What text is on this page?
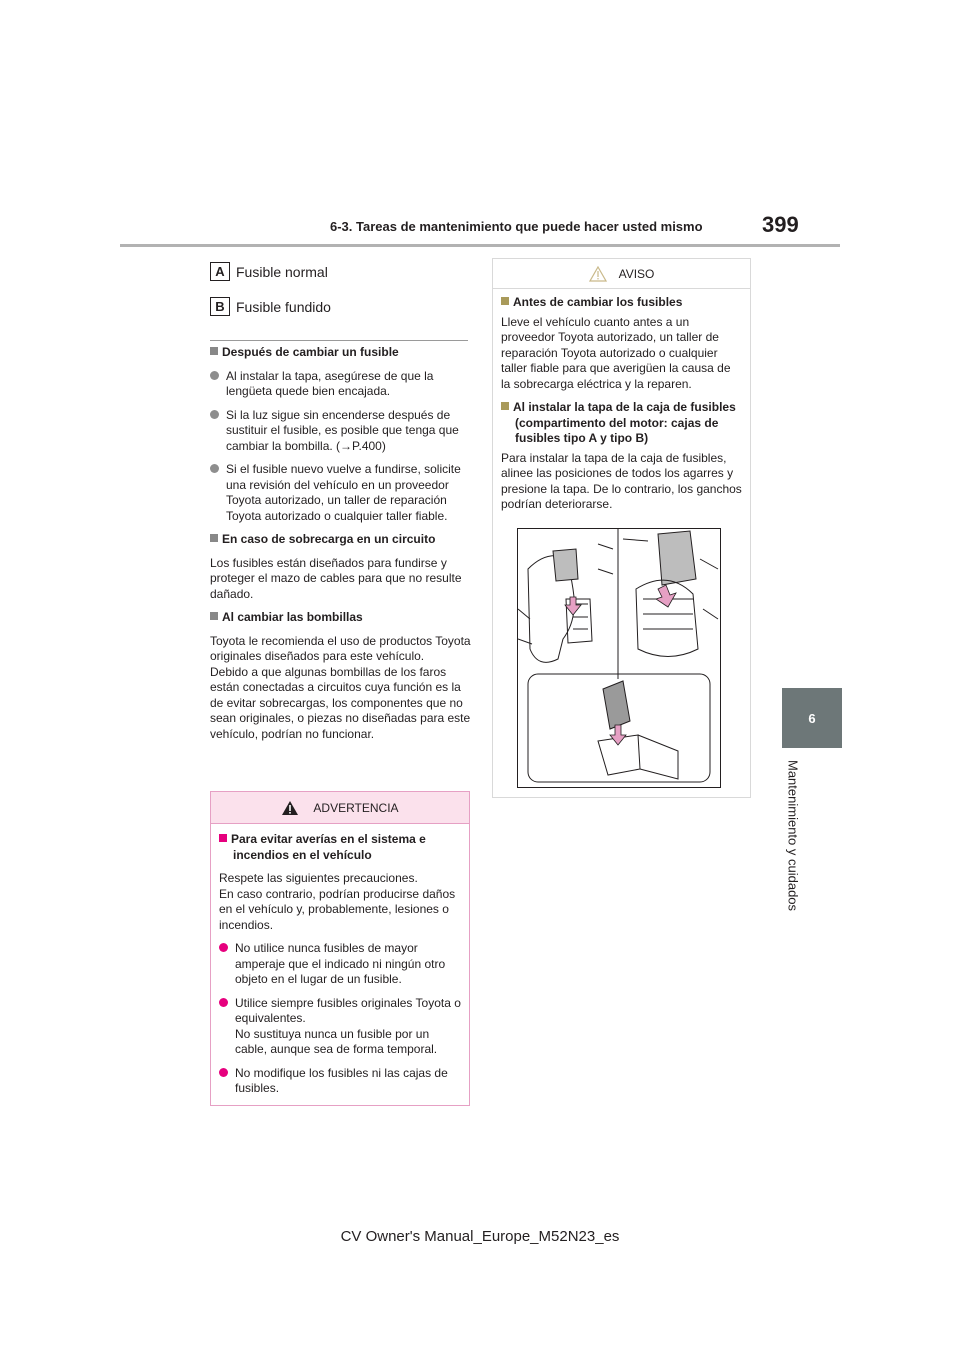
6-3. Tareas de mantenimiento que puede hacer usted mismo	399
6
Mantenimiento y cuidados
A Fusible normal
B Fusible fundido

Después de cambiar un fusible

Al instalar la tapa, asegúrese de que la lengüeta quede bien encajada.

Si la luz sigue sin encenderse después de sustituir el fusible, es posible que tenga que cambiar la bombilla. (→P.400)

Si el fusible nuevo vuelve a fundirse, solicite una revisión del vehículo en un proveedor Toyota autorizado, un taller de reparación Toyota autorizado o cualquier taller fiable.

En caso de sobrecarga en un circuito

Los fusibles están diseñados para fundirse y proteger el mazo de cables para que no resulte dañado.

Al cambiar las bombillas

Toyota le recomienda el uso de productos Toyota originales diseñados para este vehículo.

Debido a que algunas bombillas de los faros están conectadas a circuitos cuya función es la de evitar sobrecargas, los componentes que no sean originales, o piezas no diseñadas para este vehículo, podrían no funcionar.

ADVERTENCIA

Para evitar averías en el sistema e incendios en el vehículo

Respete las siguientes precauciones.

En caso contrario, podrían producirse daños en el vehículo y, probablemente, lesiones o incendios.

No utilice nunca fusibles de mayor amperaje que el indicado ni ningún otro objeto en el lugar de un fusible.

Utilice siempre fusibles originales Toyota o equivalentes.

No sustituya nunca un fusible por un cable, aunque sea de forma temporal.

No modifique los fusibles ni las cajas de fusibles.

AVISO

Antes de cambiar los fusibles

Lleve el vehículo cuanto antes a un proveedor Toyota autorizado, un taller de reparación Toyota autorizado o cualquier taller fiable para que averigüen la causa de la sobrecarga eléctrica y la reparen.

Al instalar la tapa de la caja de fusibles (compartimento del motor: cajas de fusibles tipo A y tipo B)

Para instalar la tapa de la caja de fusibles, alinee las posiciones de todos los agarres y presione la tapa. De lo contrario, los ganchos podrían deteriorarse.

CV Owner's Manual_Europe_M52N23_es
